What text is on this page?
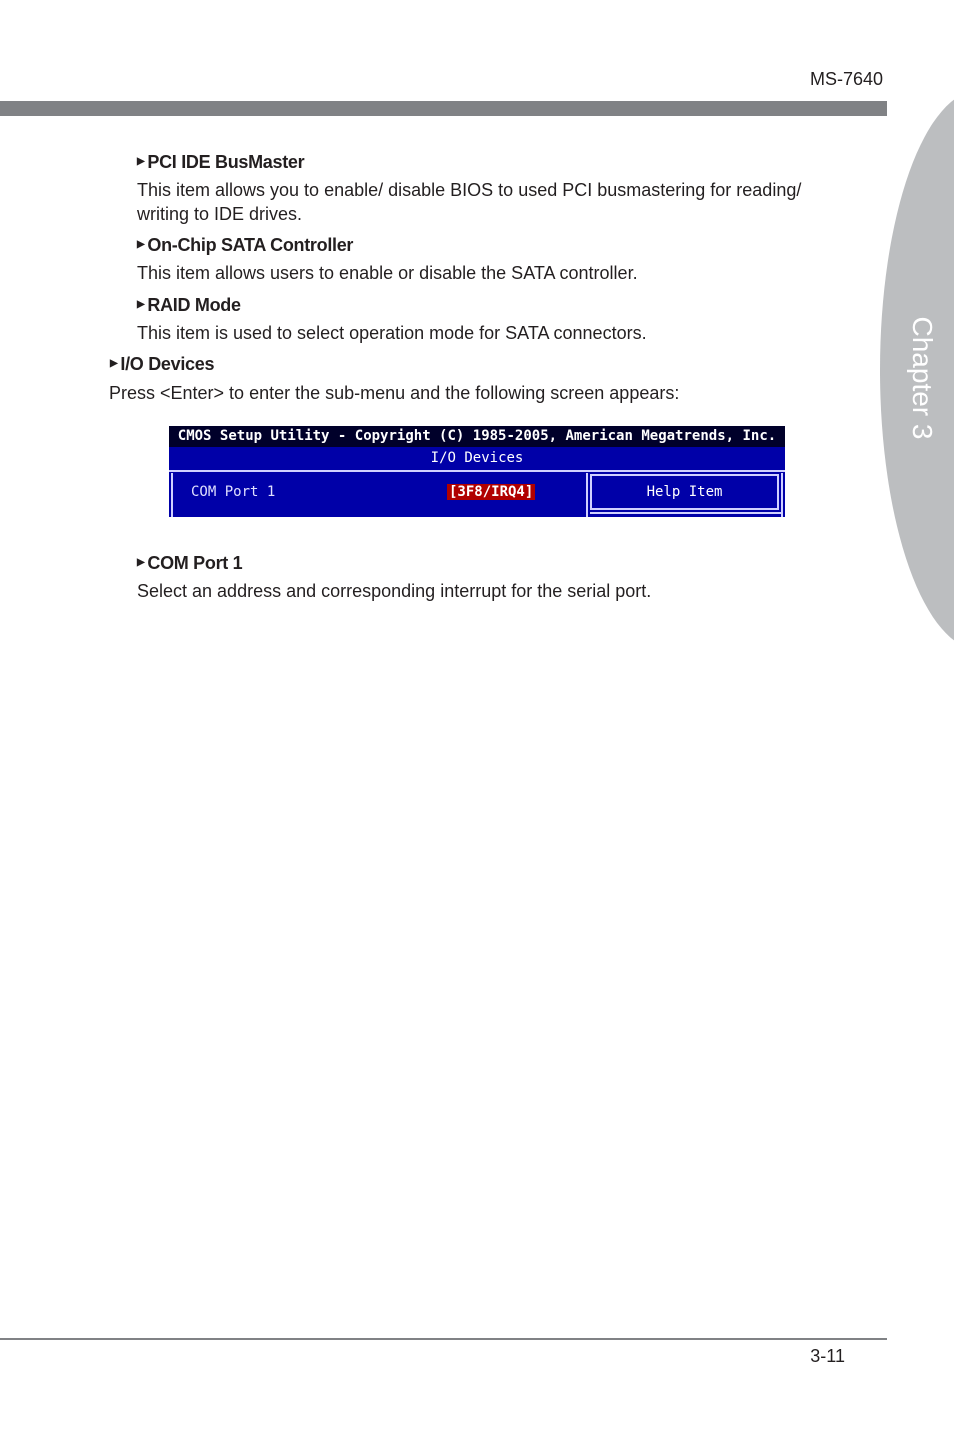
MS-7640
Chapter 3
▶ PCI IDE BusMaster
This item allows you to enable/ disable BIOS to used PCI busmastering for reading/
writing to IDE drives.
▶ On-Chip SATA Controller
This item allows users to enable or disable the SATA controller.
▶ RAID Mode
This item is used to select operation mode for SATA connectors.
▶ I/O Devices
Press <Enter> to enter the sub-menu and the following screen appears:
CMOS Setup Utility - Copyright (C) 1985-2005, American Megatrends, Inc.
I/O Devices
COM Port 1	[3F8/IRQ4]	Help Item
▶ COM Port 1
Select an address and corresponding interrupt for the serial port.
3-11
